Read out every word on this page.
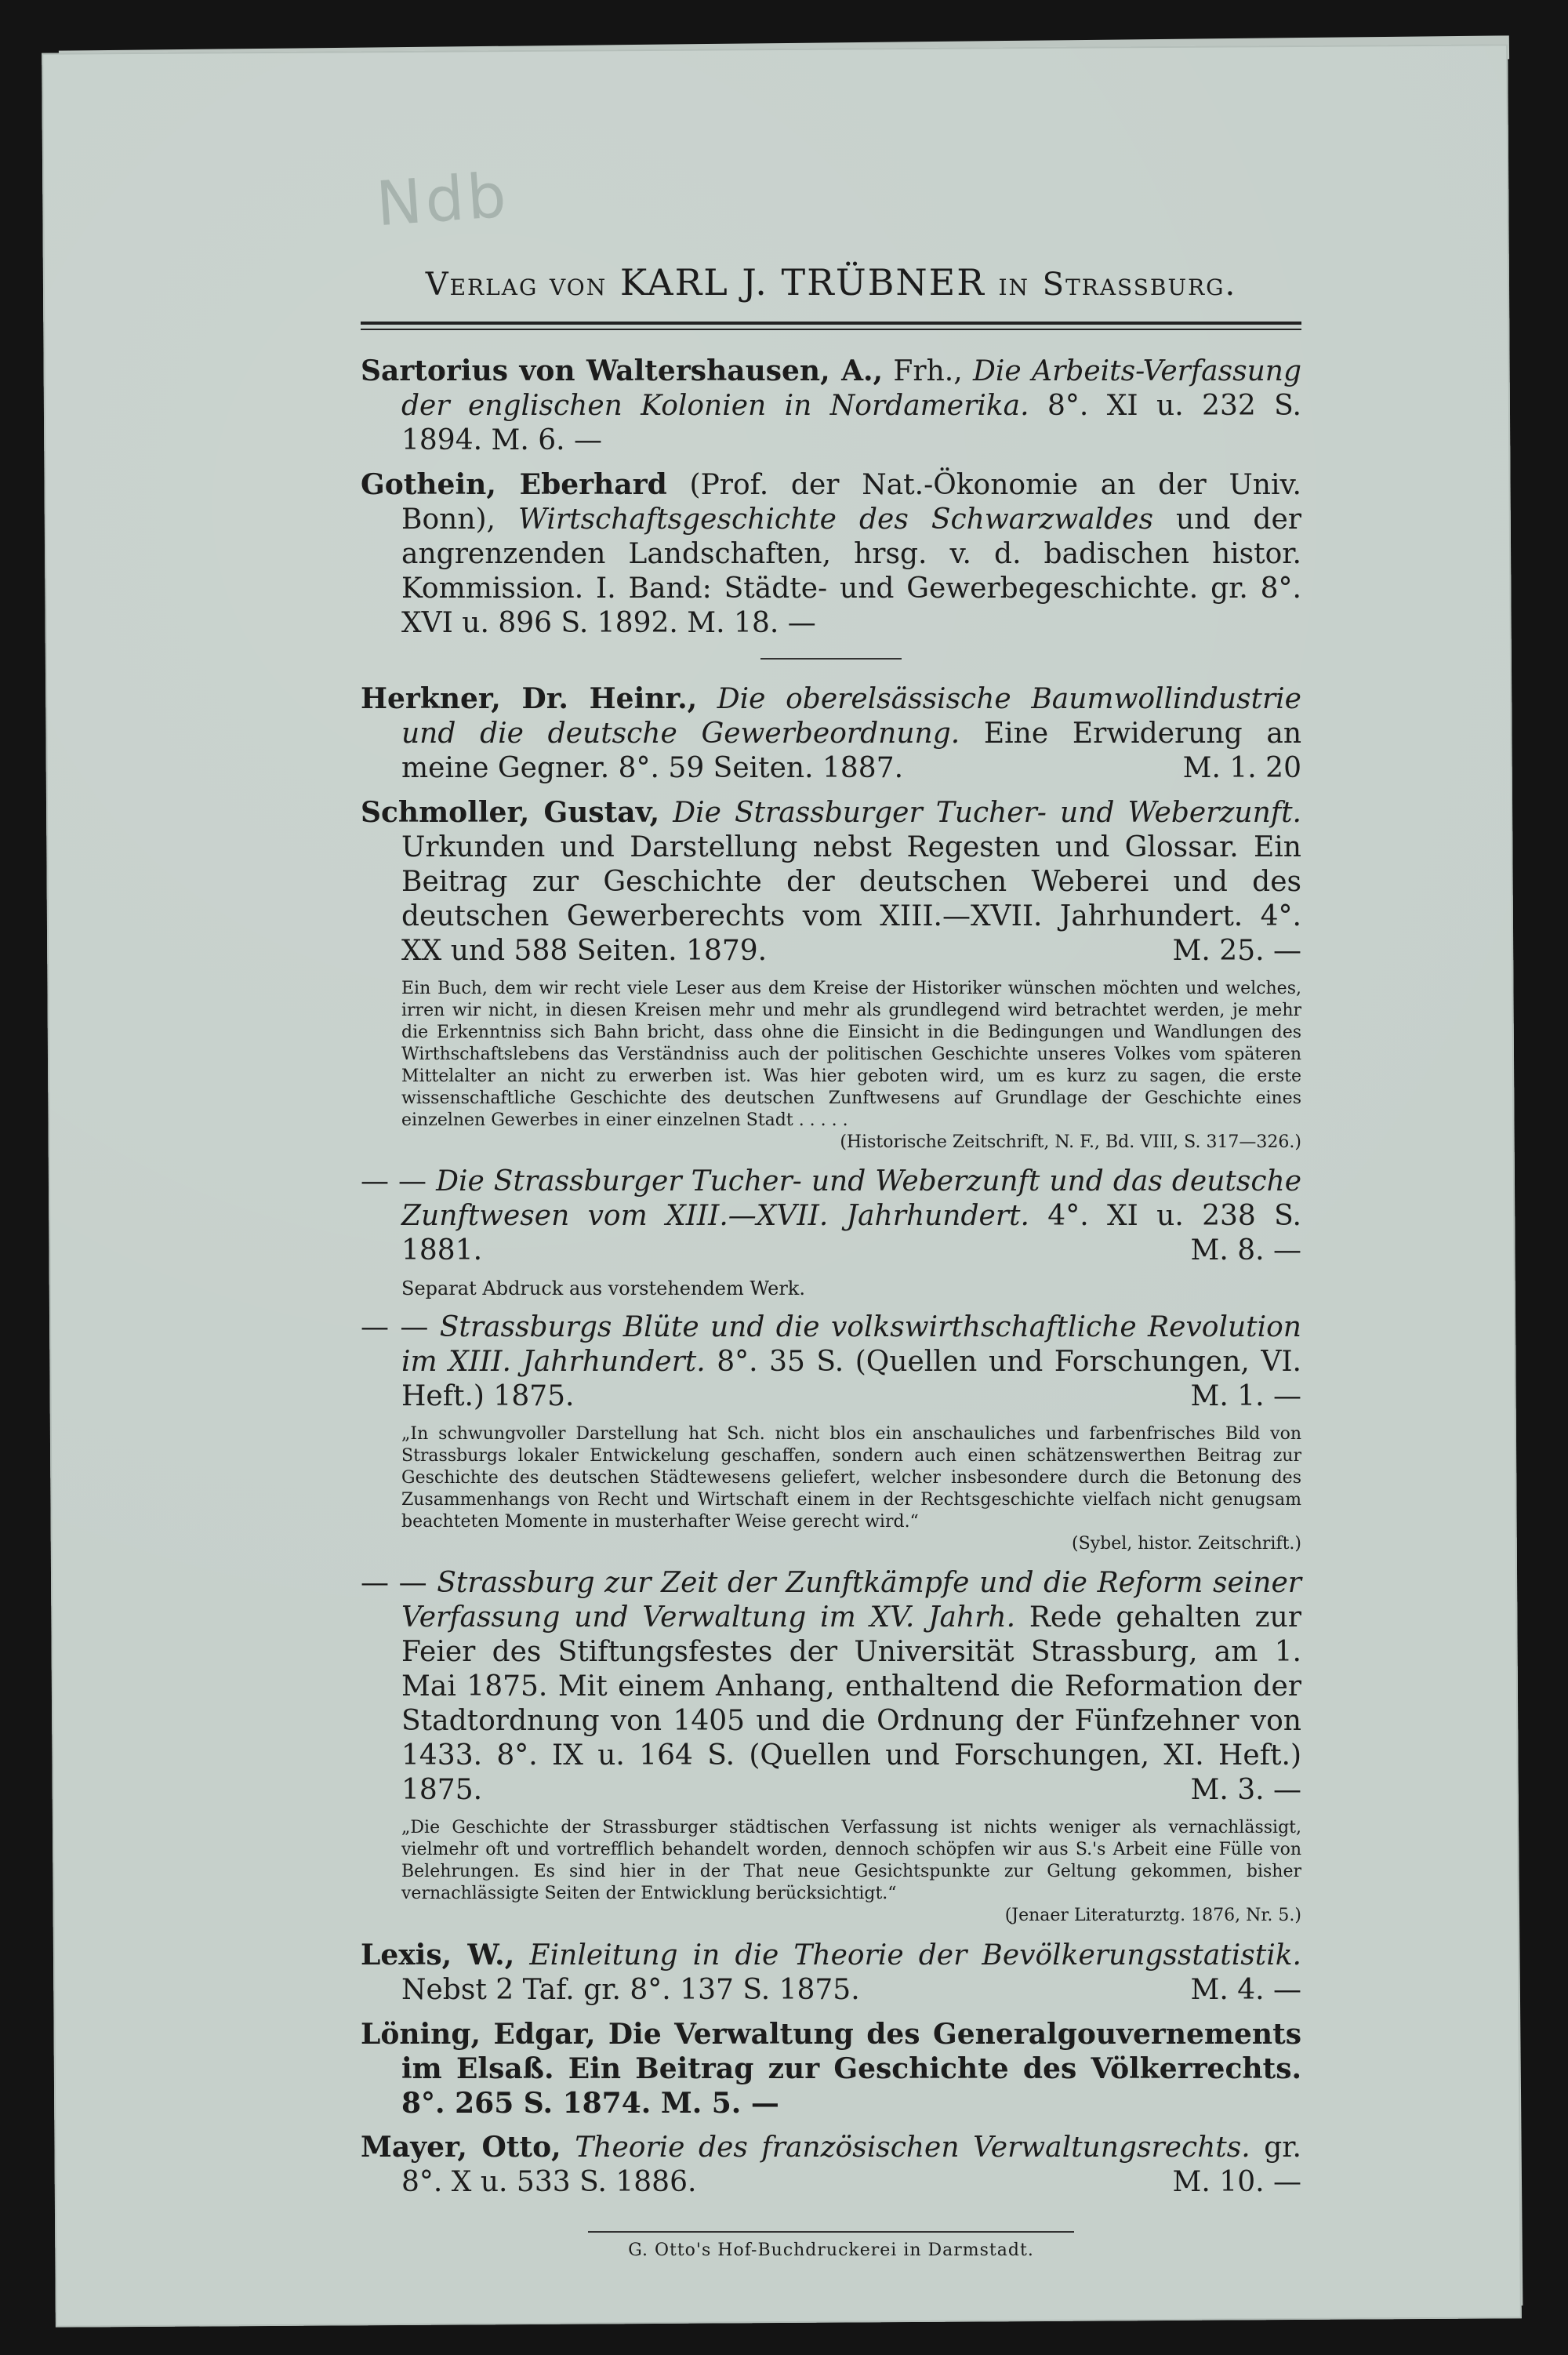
Ndb
Verlag von KARL J. TRÜBNER in Strassburg.

Sartorius von Waltershausen, A., Frh., Die Arbeits-Verfassung der englischen Kolonien in Nordamerika. 8°. XI u. 232 S. 1894. M. 6. —

Gothein, Eberhard (Prof. der Nat.-Ökonomie an der Univ. Bonn), Wirtschaftsgeschichte des Schwarzwaldes und der angrenzenden Landschaften, hrsg. v. d. badischen histor. Kommission. I. Band: Städte- und Gewerbegeschichte. gr. 8°. XVI u. 896 S. 1892. M. 18. —

Herkner, Dr. Heinr., Die oberelsässische Baumwollindustrie und die deutsche Gewerbeordnung. Eine Erwiderung an meine Gegner. 8°. 59 Seiten. 1887.	M. 1. 20

Schmoller, Gustav, Die Strassburger Tucher- und Weberzunft. Urkunden und Darstellung nebst Regesten und Glossar. Ein Beitrag zur Geschichte der deutschen Weberei und des deutschen Gewerberechts vom XIII.—XVII. Jahrhundert. 4°. XX und 588 Seiten. 1879.	M. 25. —

Ein Buch, dem wir recht viele Leser aus dem Kreise der Historiker wünschen möchten und welches, irren wir nicht, in diesen Kreisen mehr und mehr als grundlegend wird betrachtet werden, je mehr die Erkenntniss sich Bahn bricht, dass ohne die Einsicht in die Bedingungen und Wandlungen des Wirthschaftslebens das Verständniss auch der politischen Geschichte unseres Volkes vom späteren Mittelalter an nicht zu erwerben ist. Was hier geboten wird, um es kurz zu sagen, die erste wissenschaftliche Geschichte des deutschen Zunftwesens auf Grundlage der Geschichte eines einzelnen Gewerbes in einer einzelnen Stadt . . . . .
(Historische Zeitschrift, N. F., Bd. VIII, S. 317—326.)

— — Die Strassburger Tucher- und Weberzunft und das deutsche Zunftwesen vom XIII.—XVII. Jahrhundert. 4°. XI u. 238 S. 1881.	M. 8. —

Separat Abdruck aus vorstehendem Werk.

— — Strassburgs Blüte und die volkswirthschaftliche Revolution im XIII. Jahrhundert. 8°. 35 S. (Quellen und Forschungen, VI. Heft.) 1875.	M. 1. —

„In schwungvoller Darstellung hat Sch. nicht blos ein anschauliches und farbenfrisches Bild von Strassburgs lokaler Entwickelung geschaffen, sondern auch einen schätzenswerthen Beitrag zur Geschichte des deutschen Städtewesens geliefert, welcher insbesondere durch die Betonung des Zusammenhangs von Recht und Wirtschaft einem in der Rechtsgeschichte vielfach nicht genugsam beachteten Momente in musterhafter Weise gerecht wird.“
(Sybel, histor. Zeitschrift.)

— — Strassburg zur Zeit der Zunftkämpfe und die Reform seiner Verfassung und Verwaltung im XV. Jahrh. Rede gehalten zur Feier des Stiftungsfestes der Universität Strassburg, am 1. Mai 1875. Mit einem Anhang, enthaltend die Reformation der Stadtordnung von 1405 und die Ordnung der Fünfzehner von 1433. 8°. IX u. 164 S. (Quellen und Forschungen, XI. Heft.) 1875.	M. 3. —

„Die Geschichte der Strassburger städtischen Verfassung ist nichts weniger als vernachlässigt, vielmehr oft und vortrefflich behandelt worden, dennoch schöpfen wir aus S.'s Arbeit eine Fülle von Belehrungen. Es sind hier in der That neue Gesichtspunkte zur Geltung gekommen, bisher vernachlässigte Seiten der Entwicklung berücksichtigt.“
(Jenaer Literaturztg. 1876, Nr. 5.)

Lexis, W., Einleitung in die Theorie der Bevölkerungsstatistik. Nebst 2 Taf. gr. 8°. 137 S. 1875.	M. 4. —

Löning, Edgar, Die Verwaltung des Generalgouvernements im Elsaß. Ein Beitrag zur Geschichte des Völkerrechts. 8°. 265 S. 1874. M. 5. —

Mayer, Otto, Theorie des französischen Verwaltungsrechts. gr. 8°. X u. 533 S. 1886.	M. 10. —

G. Otto's Hof-Buchdruckerei in Darmstadt.
